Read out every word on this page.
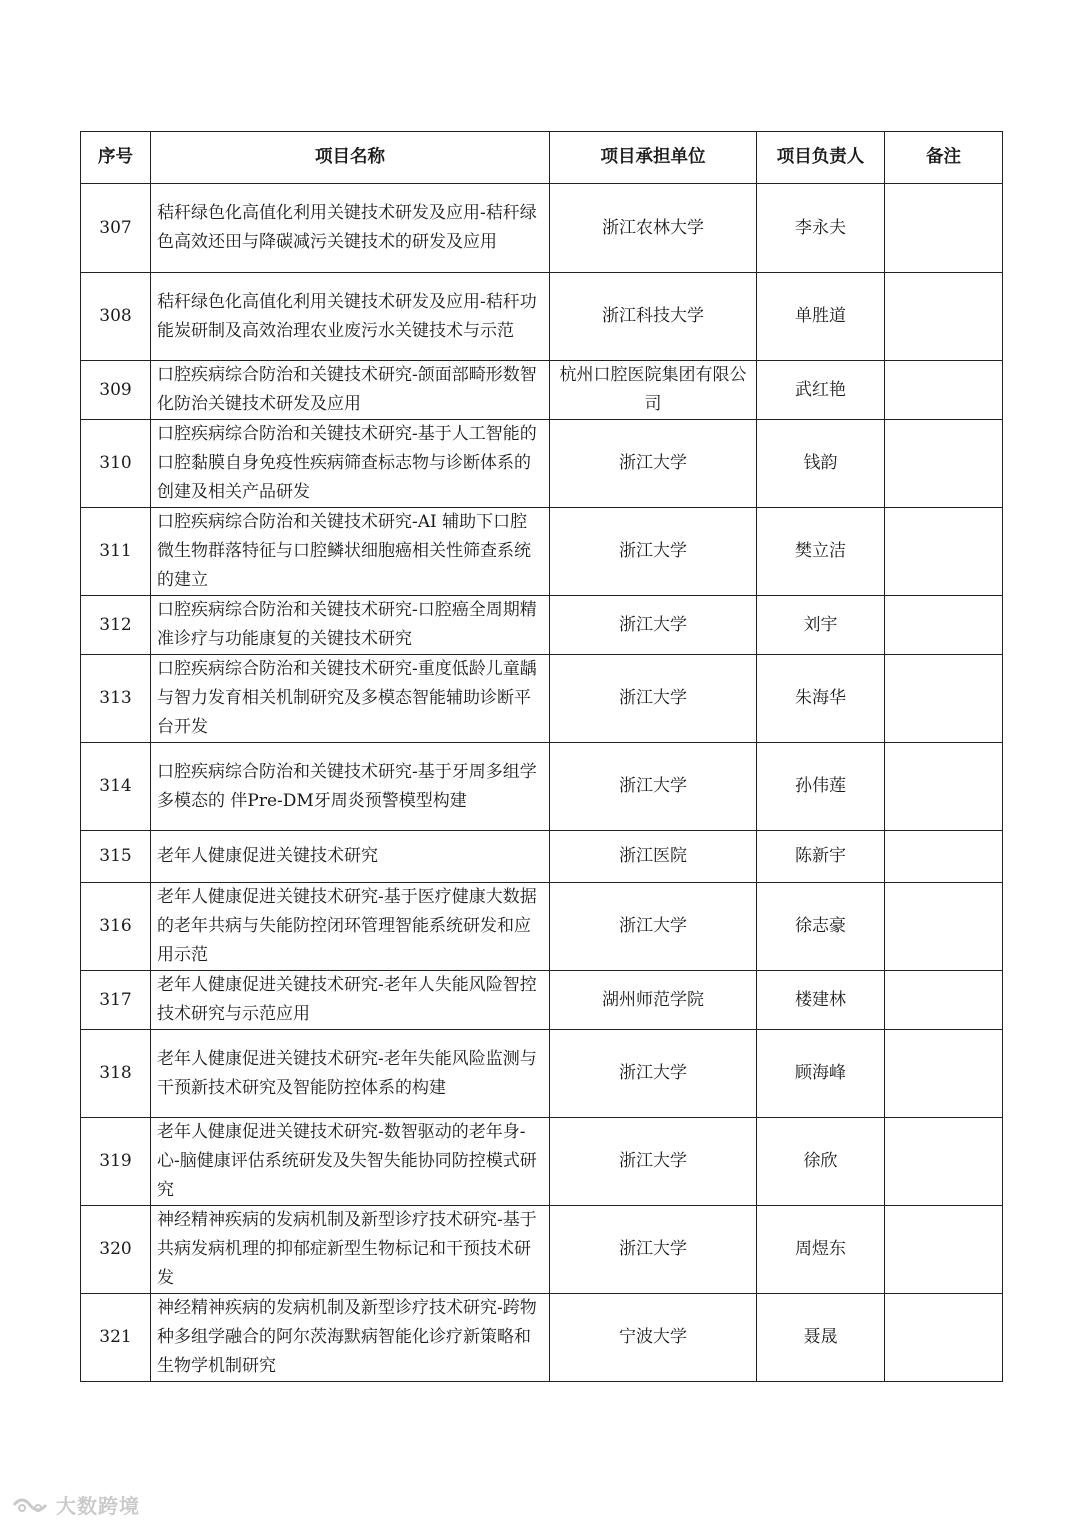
序号	项目名称	项目承担单位	项目负责人	备注
307	秸秆绿色化高值化利用关键技术研发及应用-秸秆绿色高效还田与降碳减污关键技术的研发及应用	浙江农林大学	李永夫	
308	秸秆绿色化高值化利用关键技术研发及应用-秸秆功能炭研制及高效治理农业废污水关键技术与示范	浙江科技大学	单胜道	
309	口腔疾病综合防治和关键技术研究-颌面部畸形数智化防治关键技术研发及应用	杭州口腔医院集团有限公司	武红艳	
310	口腔疾病综合防治和关键技术研究-基于人工智能的口腔黏膜自身免疫性疾病筛查标志物与诊断体系的创建及相关产品研发	浙江大学	钱韵	
311	口腔疾病综合防治和关键技术研究-AI 辅助下口腔微生物群落特征与口腔鳞状细胞癌相关性筛查系统的建立	浙江大学	樊立洁	
312	口腔疾病综合防治和关键技术研究-口腔癌全周期精准诊疗与功能康复的关键技术研究	浙江大学	刘宇	
313	口腔疾病综合防治和关键技术研究-重度低龄儿童龋与智力发育相关机制研究及多模态智能辅助诊断平台开发	浙江大学	朱海华	
314	口腔疾病综合防治和关键技术研究-基于牙周多组学多模态的 伴Pre-DM牙周炎预警模型构建	浙江大学	孙伟莲	
315	老年人健康促进关键技术研究	浙江医院	陈新宇	
316	老年人健康促进关键技术研究-基于医疗健康大数据的老年共病与失能防控闭环管理智能系统研发和应用示范	浙江大学	徐志豪	
317	老年人健康促进关键技术研究-老年人失能风险智控技术研究与示范应用	湖州师范学院	楼建林	
318	老年人健康促进关键技术研究-老年失能风险监测与干预新技术研究及智能防控体系的构建	浙江大学	顾海峰	
319	老年人健康促进关键技术研究-数智驱动的老年身-心-脑健康评估系统研发及失智失能协同防控模式研究	浙江大学	徐欣	
320	神经精神疾病的发病机制及新型诊疗技术研究-基于共病发病机理的抑郁症新型生物标记和干预技术研发	浙江大学	周煜东	
321	神经精神疾病的发病机制及新型诊疗技术研究-跨物种多组学融合的阿尔茨海默病智能化诊疗新策略和生物学机制研究	宁波大学	聂晟	
大数跨境
